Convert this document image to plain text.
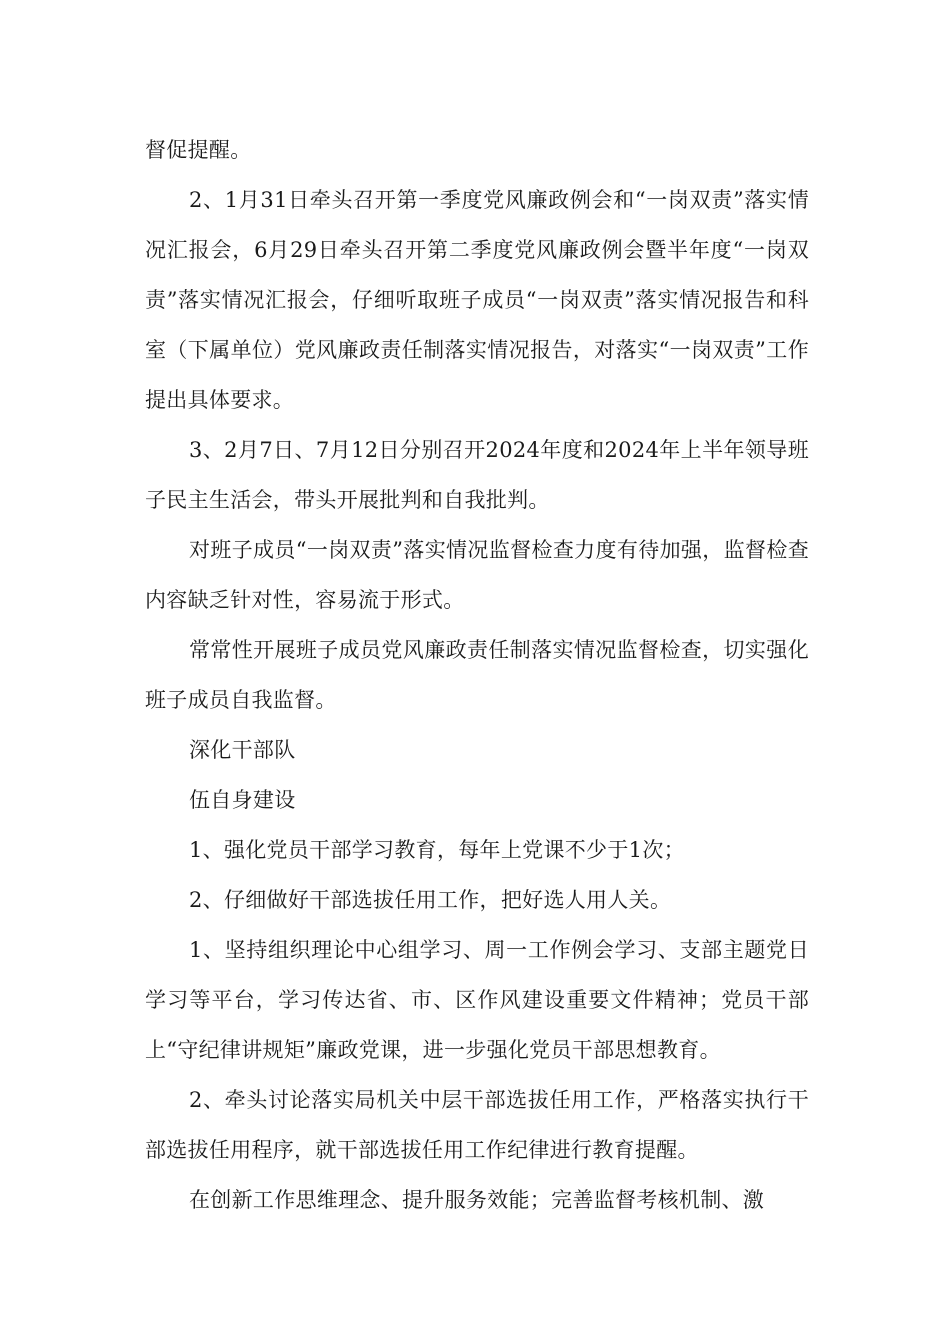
督促提醒。

2、1月31日牵头召开第一季度党风廉政例会和“一岗双责”落实情况汇报会，6月29日牵头召开第二季度党风廉政例会暨半年度“一岗双责”落实情况汇报会，仔细听取班子成员“一岗双责”落实情况报告和科室（下属单位）党风廉政责任制落实情况报告，对落实“一岗双责”工作提出具体要求。

3、2月7日、7月12日分别召开2024年度和2024年上半年领导班子民主生活会，带头开展批判和自我批判。

对班子成员“一岗双责”落实情况监督检查力度有待加强，监督检查内容缺乏针对性，容易流于形式。

常常性开展班子成员党风廉政责任制落实情况监督检查，切实强化班子成员自我监督。

深化干部队

伍自身建设

1、强化党员干部学习教育，每年上党课不少于1次；

2、仔细做好干部选拔任用工作，把好选人用人关。

1、坚持组织理论中心组学习、周一工作例会学习、支部主题党日学习等平台，学习传达省、市、区作风建设重要文件精神；党员干部上“守纪律讲规矩”廉政党课，进一步强化党员干部思想教育。

2、牵头讨论落实局机关中层干部选拔任用工作，严格落实执行干部选拔任用程序，就干部选拔任用工作纪律进行教育提醒。

在创新工作思维理念、提升服务效能；完善监督考核机制、激
